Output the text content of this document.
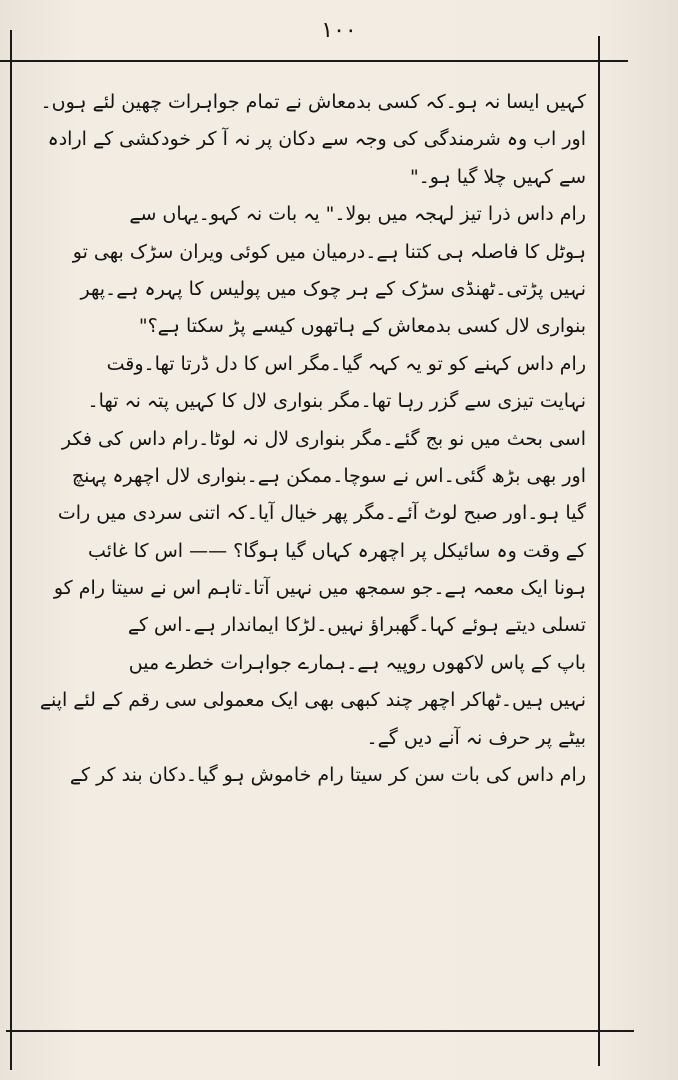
۱۰۰
کہیں ایسا نہ ہو۔کہ کسی بدمعاش نے تمام جواہرات چھین لئے ہوں۔
اور اب وہ شرمندگی کی وجہ سے دکان پر نہ آ کر خودکشی کے ارادہ
سے کہیں چلا گیا ہو۔"
رام داس ذرا تیز لہجہ میں بولا۔" یہ بات نہ کہو۔یہاں سے
ہوٹل کا فاصلہ ہی کتنا ہے۔درمیان میں کوئی ویران سڑک بھی تو
نہیں پڑتی۔ٹھنڈی سڑک کے ہر چوک میں پولیس کا پہرہ ہے۔پھر
بنواری لال کسی بدمعاش کے ہاتھوں کیسے پڑ سکتا ہے؟"
رام داس کہنے کو تو یہ کہہ گیا۔مگر اس کا دل ڈرتا تھا۔وقت
نہایت تیزی سے گزر رہا تھا۔مگر بنواری لال کا کہیں پتہ نہ تھا۔
اسی بحث میں نو بج گئے۔مگر بنواری لال نہ لوٹا۔رام داس کی فکر
اور بھی بڑھ گئی۔اس نے سوچا۔ممکن ہے۔بنواری لال اچھرہ پہنچ
گیا ہو۔اور صبح لوٹ آئے۔مگر پھر خیال آیا۔کہ اتنی سردی میں رات
کے وقت وہ سائیکل پر اچھرہ کہاں گیا ہوگا؟ —— اس کا غائب
ہونا ایک معمہ ہے۔جو سمجھ میں نہیں آتا۔تاہم اس نے سیتا رام کو
تسلی دیتے ہوئے کہا۔گھبراؤ نہیں۔لڑکا ایماندار ہے۔اس کے
باپ کے پاس لاکھوں روپیہ ہے۔ہمارے جواہرات خطرے میں
نہیں ہیں۔ٹھاکر اچھر چند کبھی بھی ایک معمولی سی رقم کے لئے اپنے
بیٹے پر حرف نہ آنے دیں گے۔
رام داس کی بات سن کر سیتا رام خاموش ہو گیا۔دکان بند کر کے
